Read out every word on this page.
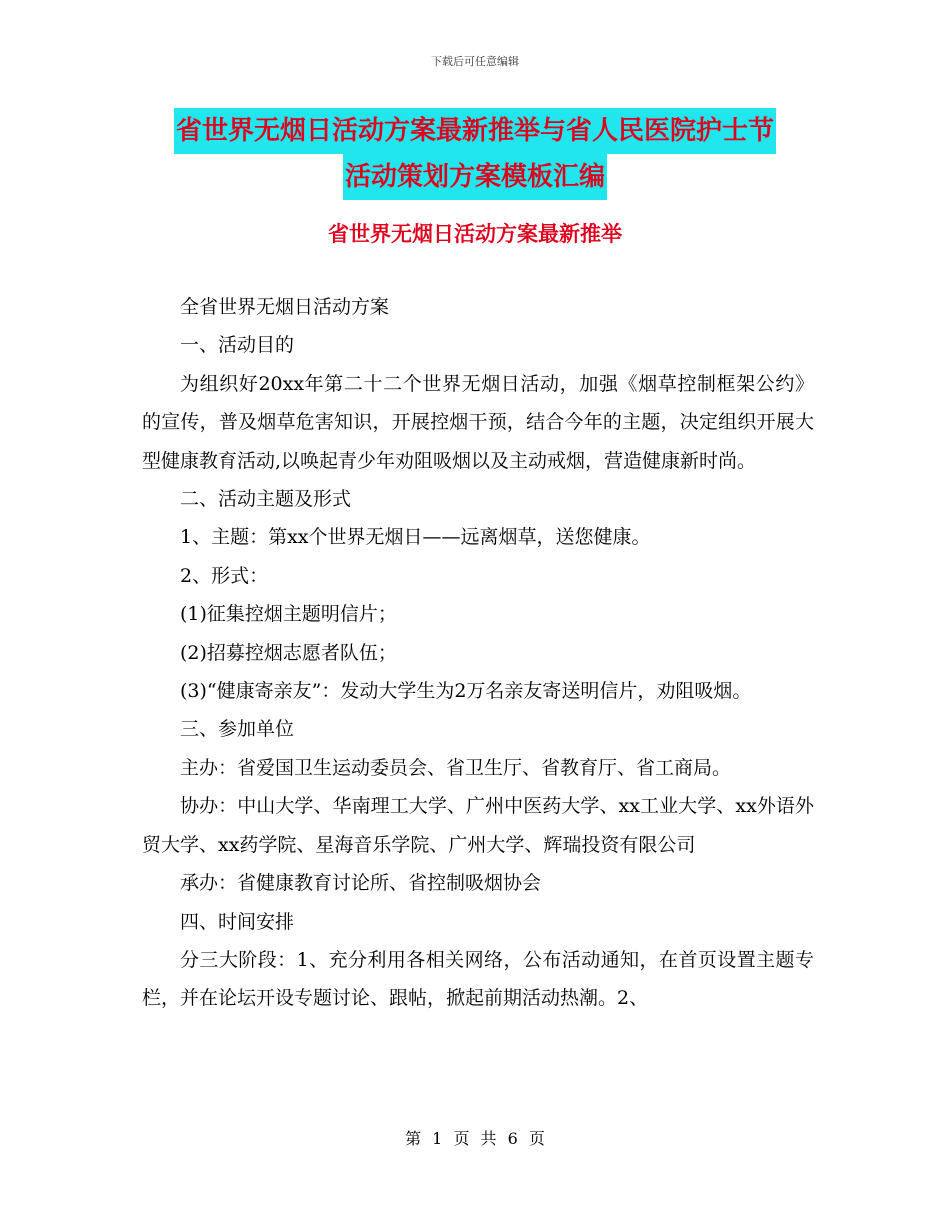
下载后可任意编辑
省世界无烟日活动方案最新推举与省人民医院护士节
活动策划方案模板汇编
省世界无烟日活动方案最新推举

全省世界无烟日活动方案

一、活动目的

为组织好20xx年第二十二个世界无烟日活动，加强《烟草控制框架公约》的宣传，普及烟草危害知识，开展控烟干预，结合今年的主题，决定组织开展大型健康教育活动,以唤起青少年劝阻吸烟以及主动戒烟，营造健康新时尚。

二、活动主题及形式

1、主题：第xx个世界无烟日——远离烟草，送您健康。

2、形式：

(1)征集控烟主题明信片；

(2)招募控烟志愿者队伍；

(3)“健康寄亲友”：发动大学生为2万名亲友寄送明信片，劝阻吸烟。

三、参加单位

主办：省爱国卫生运动委员会、省卫生厅、省教育厅、省工商局。

协办：中山大学、华南理工大学、广州中医药大学、xx工业大学、xx外语外贸大学、xx药学院、星海音乐学院、广州大学、辉瑞投资有限公司

承办：省健康教育讨论所、省控制吸烟协会

四、时间安排

分三大阶段：1、充分利用各相关网络，公布活动通知，在首页设置主题专栏，并在论坛开设专题讨论、跟帖，掀起前期活动热潮。2、

第 1 页 共 6 页
